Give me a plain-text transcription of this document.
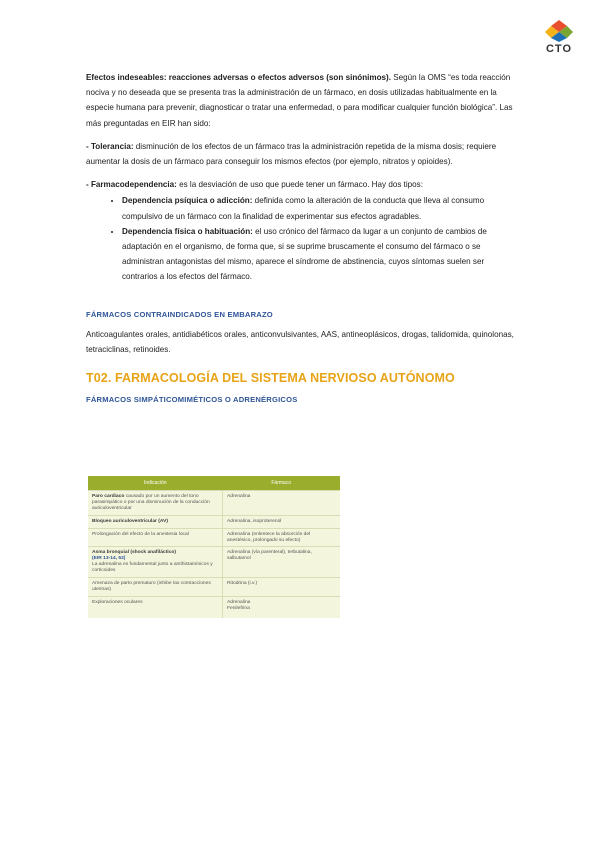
CTO

Efectos indeseables: reacciones adversas o efectos adversos (son sinónimos). Según la OMS “es toda reacción nociva y no deseada que se presenta tras la administración de un fármaco, en dosis utilizadas habitualmente en la especie humana para prevenir, diagnosticar o tratar una enfermedad, o para modificar cualquier función biológica”. Las más preguntadas en EIR han sido:

- Tolerancia: disminución de los efectos de un fármaco tras la administración repetida de la misma dosis; requiere aumentar la dosis de un fármaco para conseguir los mismos efectos (por ejemplo, nitratos y opioides).

- Farmacodependencia: es la desviación de uso que puede tener un fármaco. Hay dos tipos:

• Dependencia psíquica o adicción: definida como la alteración de la conducta que lleva al consumo compulsivo de un fármaco con la finalidad de experimentar sus efectos agradables.
• Dependencia física o habituación: el uso crónico del fármaco da lugar a un conjunto de cambios de adaptación en el organismo, de forma que, si se suprime bruscamente el consumo del fármaco o se administran antagonistas del mismo, aparece el síndrome de abstinencia, cuyos síntomas suelen ser contrarios a los efectos del fármaco.
FÁRMACOS CONTRAINDICADOS EN EMBARAZO

Anticoagulantes orales, antidiabéticos orales, anticonvulsivantes, AAS, antineoplásicos, drogas, talidomida, quinolonas, tetraciclinas, retinoides.

T02. FARMACOLOGÍA DEL SISTEMA NERVIOSO AUTÓNOMO
FÁRMACOS SIMPÁTICOMIMÉTICOS O ADRENÉRGICOS
Indicación	Fármaco
Paro cardiaco causado por un aumento del tono parasimpático o por una disminución de la conducción auriculoventricular	Adrenalina
Bloqueo auriculoventricular (AV)	Adrenalina, isoproterenol
Prolongación del efecto de la anestesia local	Adrenalina (enlentece la absorción del anestésico, prolongado su efecto)
Asma bronquial (shock anafiláctico)
(EIR 13-14, 52)
La adrenalina es fundamental junto a antihistamínicos y corticoides	Adrenalina (vía parenteral), terbutalina, salbutamol
Amenaza de parto prematuro (inhibe las contracciones uterinas)	Ritodrina (i.v.)
Exploraciones oculares	Adrenalina
Fenilefrina
